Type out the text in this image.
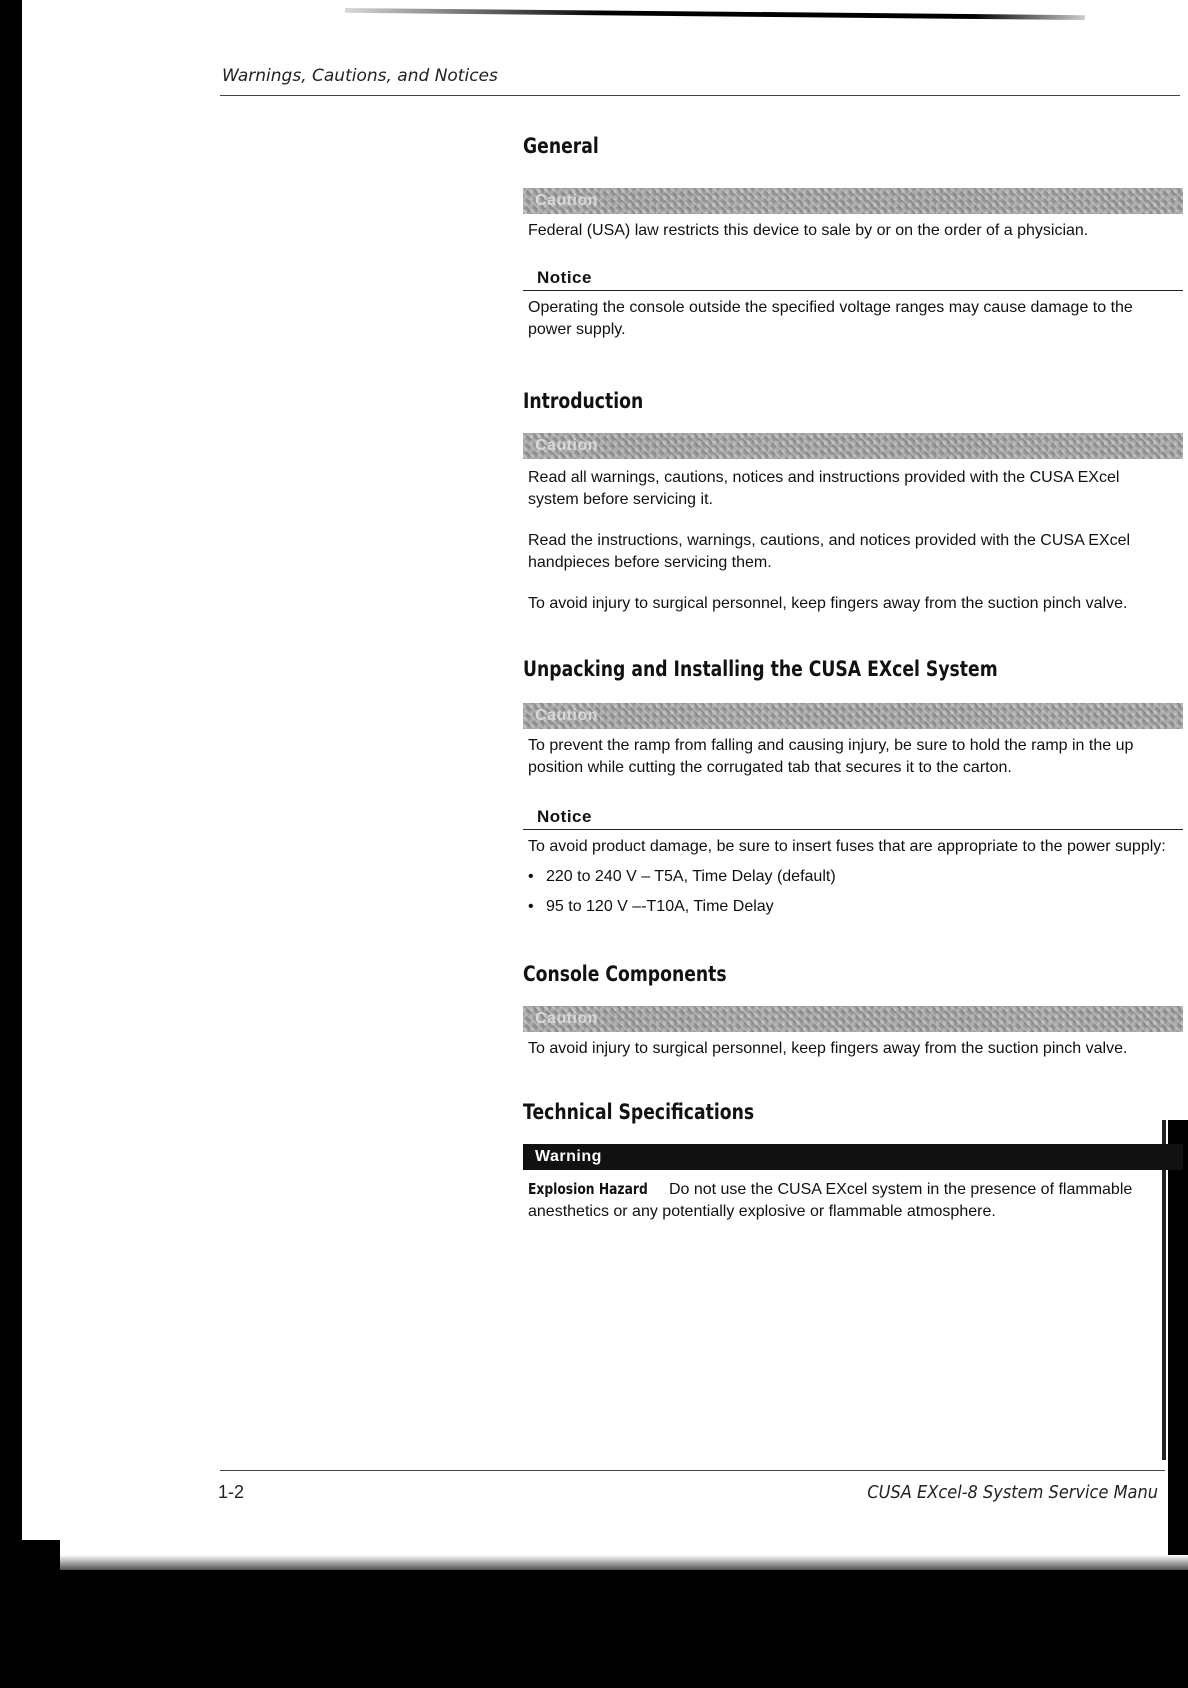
Warnings, Cautions, and Notices
General
Caution
Federal (USA) law restricts this device to sale by or on the order of a physician.
Notice
Operating the console outside the specified voltage ranges may cause damage to the power supply.
Introduction
Caution
Read all warnings, cautions, notices and instructions provided with the CUSA EXcel system before servicing it.
Read the instructions, warnings, cautions, and notices provided with the CUSA EXcel handpieces before servicing them.
To avoid injury to surgical personnel, keep fingers away from the suction pinch valve.
Unpacking and Installing the CUSA EXcel System
Caution
To prevent the ramp from falling and causing injury, be sure to hold the ramp in the up position while cutting the corrugated tab that secures it to the carton.
Notice
To avoid product damage, be sure to insert fuses that are appropriate to the power supply:
• 220 to 240 V – T5A, Time Delay (default)
• 95 to 120 V –-T10A, Time Delay
Console Components
Caution
To avoid injury to surgical personnel, keep fingers away from the suction pinch valve.
Technical Specifications
Warning
Explosion Hazard Do not use the CUSA EXcel system in the presence of flammable anesthetics or any potentially explosive or flammable atmosphere.
1-2	CUSA EXcel-8 System Service Manu
